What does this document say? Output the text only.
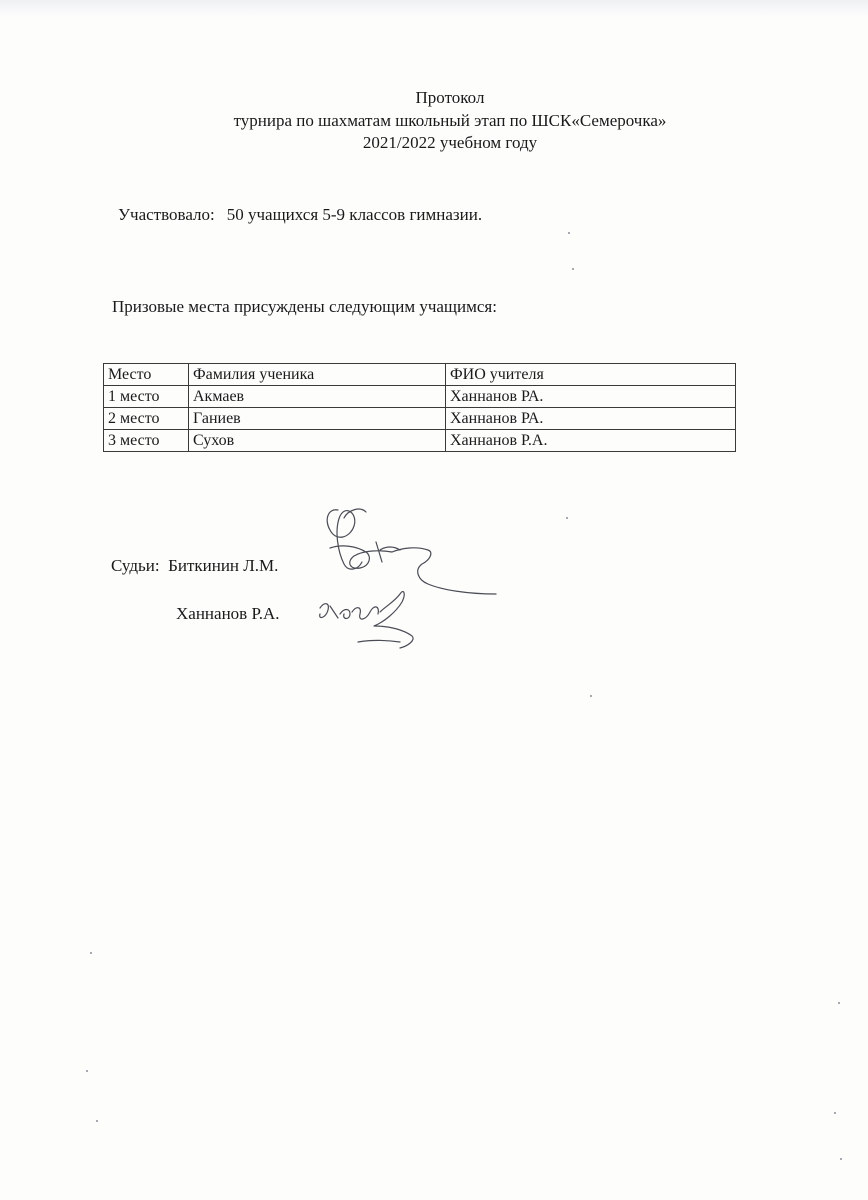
Протокол
турнира по шахматам школьный этап по ШСК«Семерочка»
2021/2022 учебном году
Участвовало: 50 учащихся 5-9 классов гимназии.
Призовые места присуждены следующим учащимся:
Место	Фамилия ученика	ФИО учителя
1 место	Акмаев	Ханнанов РА.
2 место	Ганиев	Ханнанов РА.
3 место	Сухов	Ханнанов Р.А.
Судьи: Биткинин Л.М.
Ханнанов Р.А.
